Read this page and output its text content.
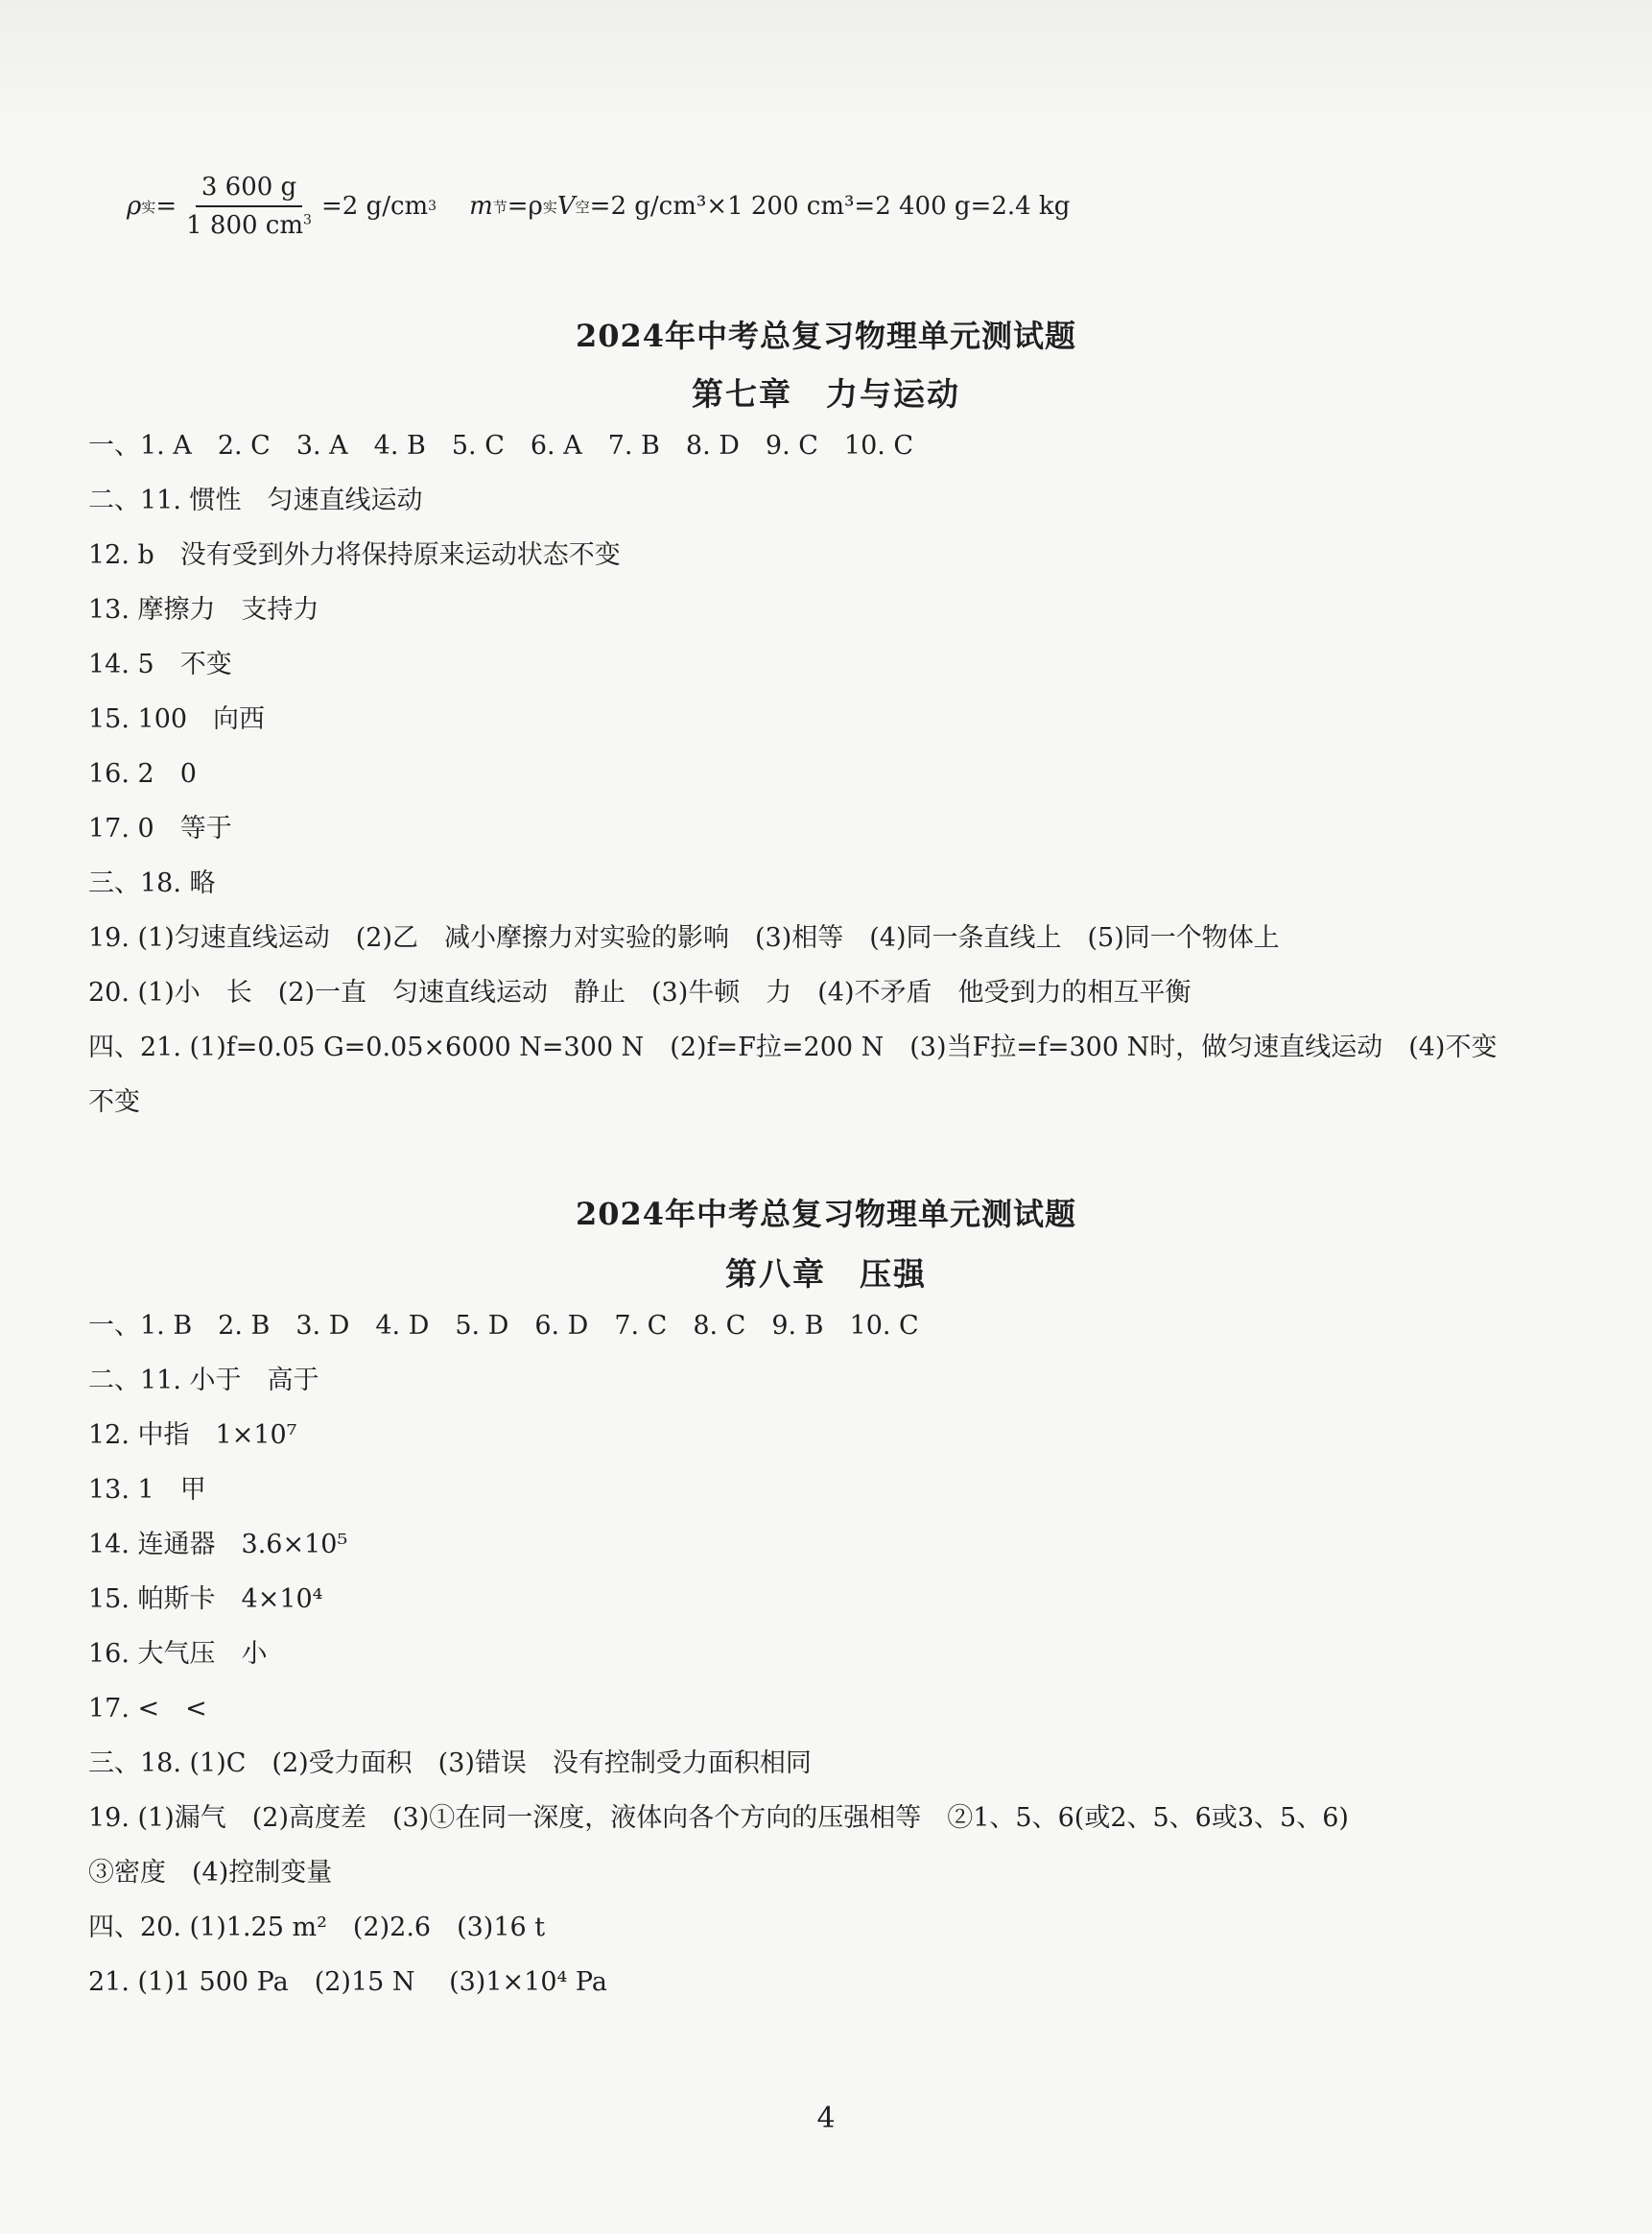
ρ 实 = $\frac{3 600 g}{1 800 cm^3} =2$ g/cm 3 m 节 =ρ 实 V 空 =2 g/cm³×1 200 cm³=2 400 g=2.4 kg
2024年中考总复习物理单元测试题
第七章　力与运动
一、1. A　2. C　3. A　4. B　5. C　6. A　7. B　8. D　9. C　10. C
二、11. 惯性　匀速直线运动
12. b　没有受到外力将保持原来运动状态不变
13. 摩擦力　支持力
14. 5　不变
15. 100　向西
16. 2　0
17. 0　等于
三、18. 略
19. (1)匀速直线运动　(2)乙　减小摩擦力对实验的影响　(3)相等　(4)同一条直线上　(5)同一个物体上
20. (1)小　长　(2)一直　匀速直线运动　静止　(3)牛顿　力　(4)不矛盾　他受到力的相互平衡
四、21. (1)f=0.05 G=0.05×6000 N=300 N　(2)f=F拉=200 N　(3)当F拉=f=300 N时，做匀速直线运动　(4)不变
不变
2024年中考总复习物理单元测试题
第八章　压强
一、1. B　2. B　3. D　4. D　5. D　6. D　7. C　8. C　9. B　10. C
二、11. 小于　高于
12. 中指　1×10⁷
13. 1　甲
14. 连通器　3.6×10⁵
15. 帕斯卡　4×10⁴
16. 大气压　小
17. <　<
三、18. (1)C　(2)受力面积　(3)错误　没有控制受力面积相同
19. (1)漏气　(2)高度差　(3)①在同一深度，液体向各个方向的压强相等　②1、5、6(或2、5、6或3、5、6)
③密度　(4)控制变量
四、20. (1)1.25 m²　(2)2.6　(3)16 t
21. (1)1 500 Pa　(2)15 N　 (3)1×10⁴ Pa
4
